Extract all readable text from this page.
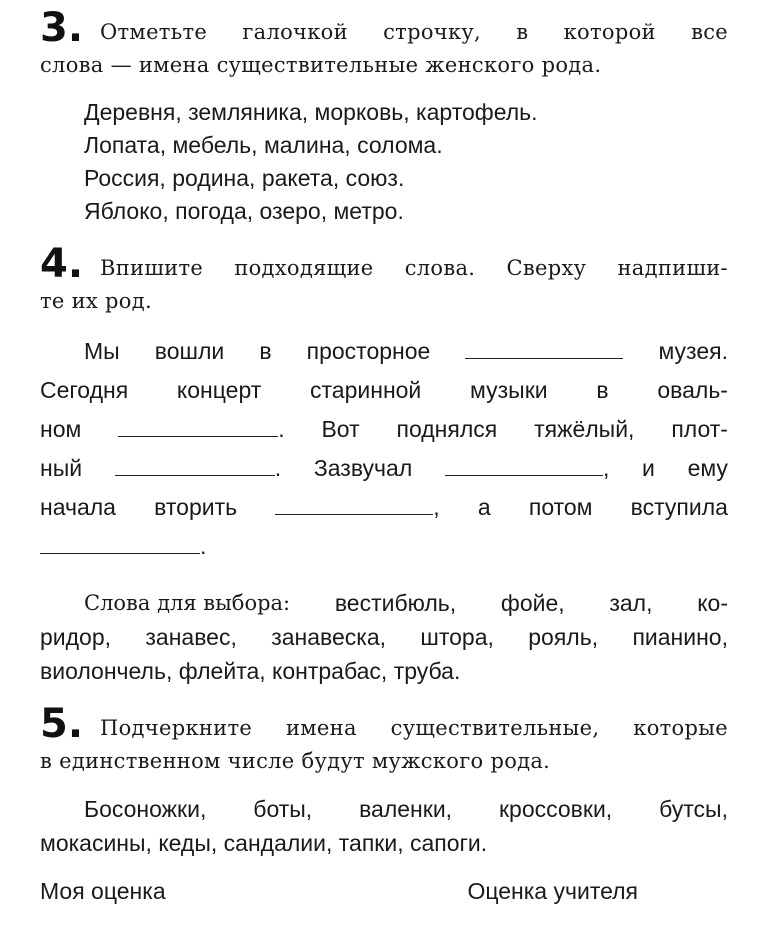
3. Отметьте галочкой строчку, в которой все
слова — имена существительные женского рода.
Деревня, земляника, морковь, картофель.
Лопата, мебель, малина, солома.
Россия, родина, ракета, союз.
Яблоко, погода, озеро, метро.
4. Впишите подходящие слова. Сверху надпиши-
те их род.
Мы вошли в просторное	музея.
Сегодня концерт старинной музыки в оваль-
ном	. Вот поднялся тяжёлый, плот-
ный	. Зазвучал	, и ему
начала вторить	, а потом вступила
.
Слова для выбора: вестибюль, фойе, зал, ко-
ридор, занавес, занавеска, штора, рояль, пианино,
виолончель, флейта, контрабас, труба.
5. Подчеркните имена существительные, которые
в единственном числе будут мужского рода.
Босоножки, боты, валенки, кроссовки, бутсы,
мокасины, кеды, сандалии, тапки, сапоги.
Моя оценка	Оценка учителя
